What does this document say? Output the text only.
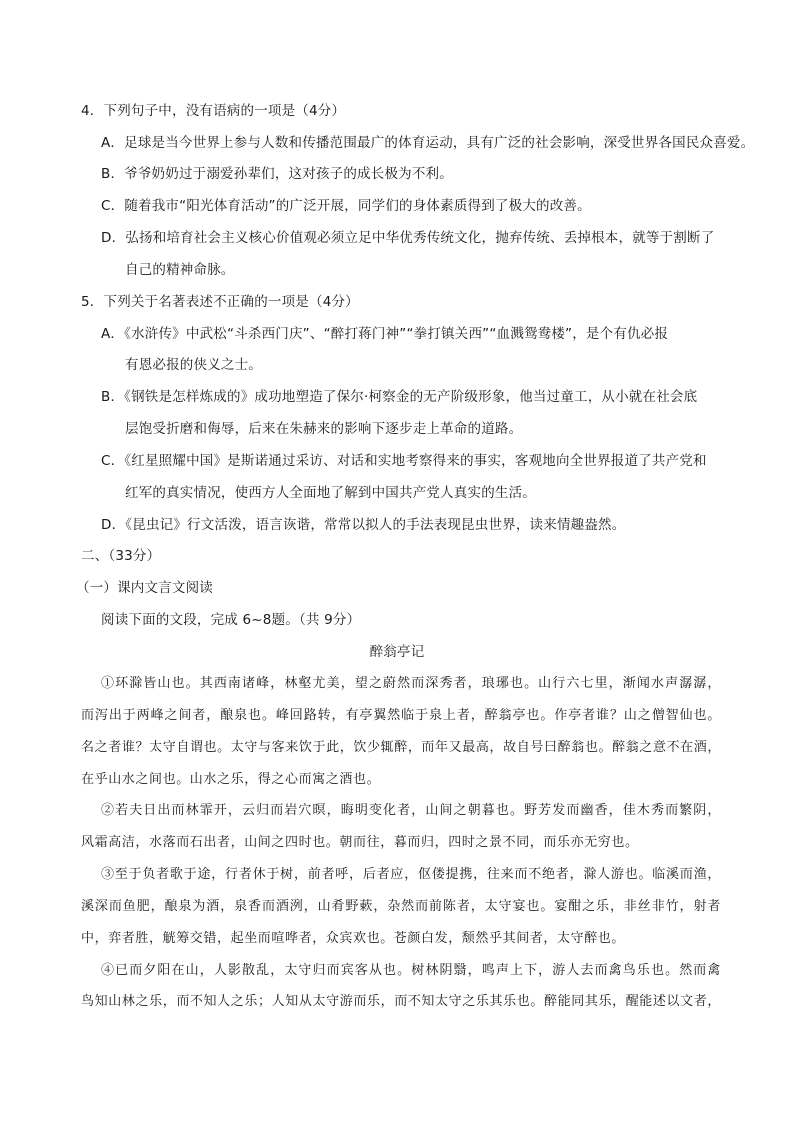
4．下列句子中，没有语病的一项是（4分）
A．足球是当今世界上参与人数和传播范围最广的体育运动，具有广泛的社会影响，深受世界各国民众喜爱。
B．爷爷奶奶过于溺爱孙辈们，这对孩子的成长极为不利。
C．随着我市“阳光体育活动”的广泛开展，同学们的身体素质得到了极大的改善。
D．弘扬和培育社会主义核心价值观必须立足中华优秀传统文化，抛弃传统、丢掉根本，就等于割断了
自己的精神命脉。
5．下列关于名著表述不正确的一项是（4分）
A．《水浒传》中武松“斗杀西门庆”、“醉打蒋门神”“拳打镇关西”“血溅鸳鸯楼”，是个有仇必报
有恩必报的侠义之士。
B．《钢铁是怎样炼成的》成功地塑造了保尔·柯察金的无产阶级形象，他当过童工，从小就在社会底
层饱受折磨和侮辱，后来在朱赫来的影响下逐步走上革命的道路。
C．《红星照耀中国》是斯诺通过采访、对话和实地考察得来的事实，客观地向全世界报道了共产党和
红军的真实情况，使西方人全面地了解到中国共产党人真实的生活。
D．《昆虫记》行文活泼，语言诙谐，常常以拟人的手法表现昆虫世界，读来情趣盎然。
二、（33分）
（一）课内文言文阅读
阅读下面的文段，完成 6~8题。（共 9分）
醉翁亭记
①环滁皆山也。其西南诸峰，林壑尤美，望之蔚然而深秀者，琅琊也。山行六七里，渐闻水声潺潺，
而泻出于两峰之间者，酿泉也。峰回路转，有亭翼然临于泉上者，醉翁亭也。作亭者谁？山之僧智仙也。
名之者谁？太守自谓也。太守与客来饮于此，饮少辄醉，而年又最高，故自号曰醉翁也。醉翁之意不在酒，
在乎山水之间也。山水之乐，得之心而寓之酒也。
②若夫日出而林霏开，云归而岩穴暝，晦明变化者，山间之朝暮也。野芳发而幽香，佳木秀而繁阴，
风霜高洁，水落而石出者，山间之四时也。朝而往，暮而归，四时之景不同，而乐亦无穷也。
③至于负者歌于途，行者休于树，前者呼，后者应，伛偻提携，往来而不绝者，滁人游也。临溪而渔，
溪深而鱼肥，酿泉为酒，泉香而酒洌，山肴野蔌，杂然而前陈者，太守宴也。宴酣之乐，非丝非竹，射者
中，弈者胜，觥筹交错，起坐而喧哗者，众宾欢也。苍颜白发，颓然乎其间者，太守醉也。
④已而夕阳在山，人影散乱，太守归而宾客从也。树林阴翳，鸣声上下，游人去而禽鸟乐也。然而禽
鸟知山林之乐，而不知人之乐；人知从太守游而乐，而不知太守之乐其乐也。醉能同其乐，醒能述以文者，
